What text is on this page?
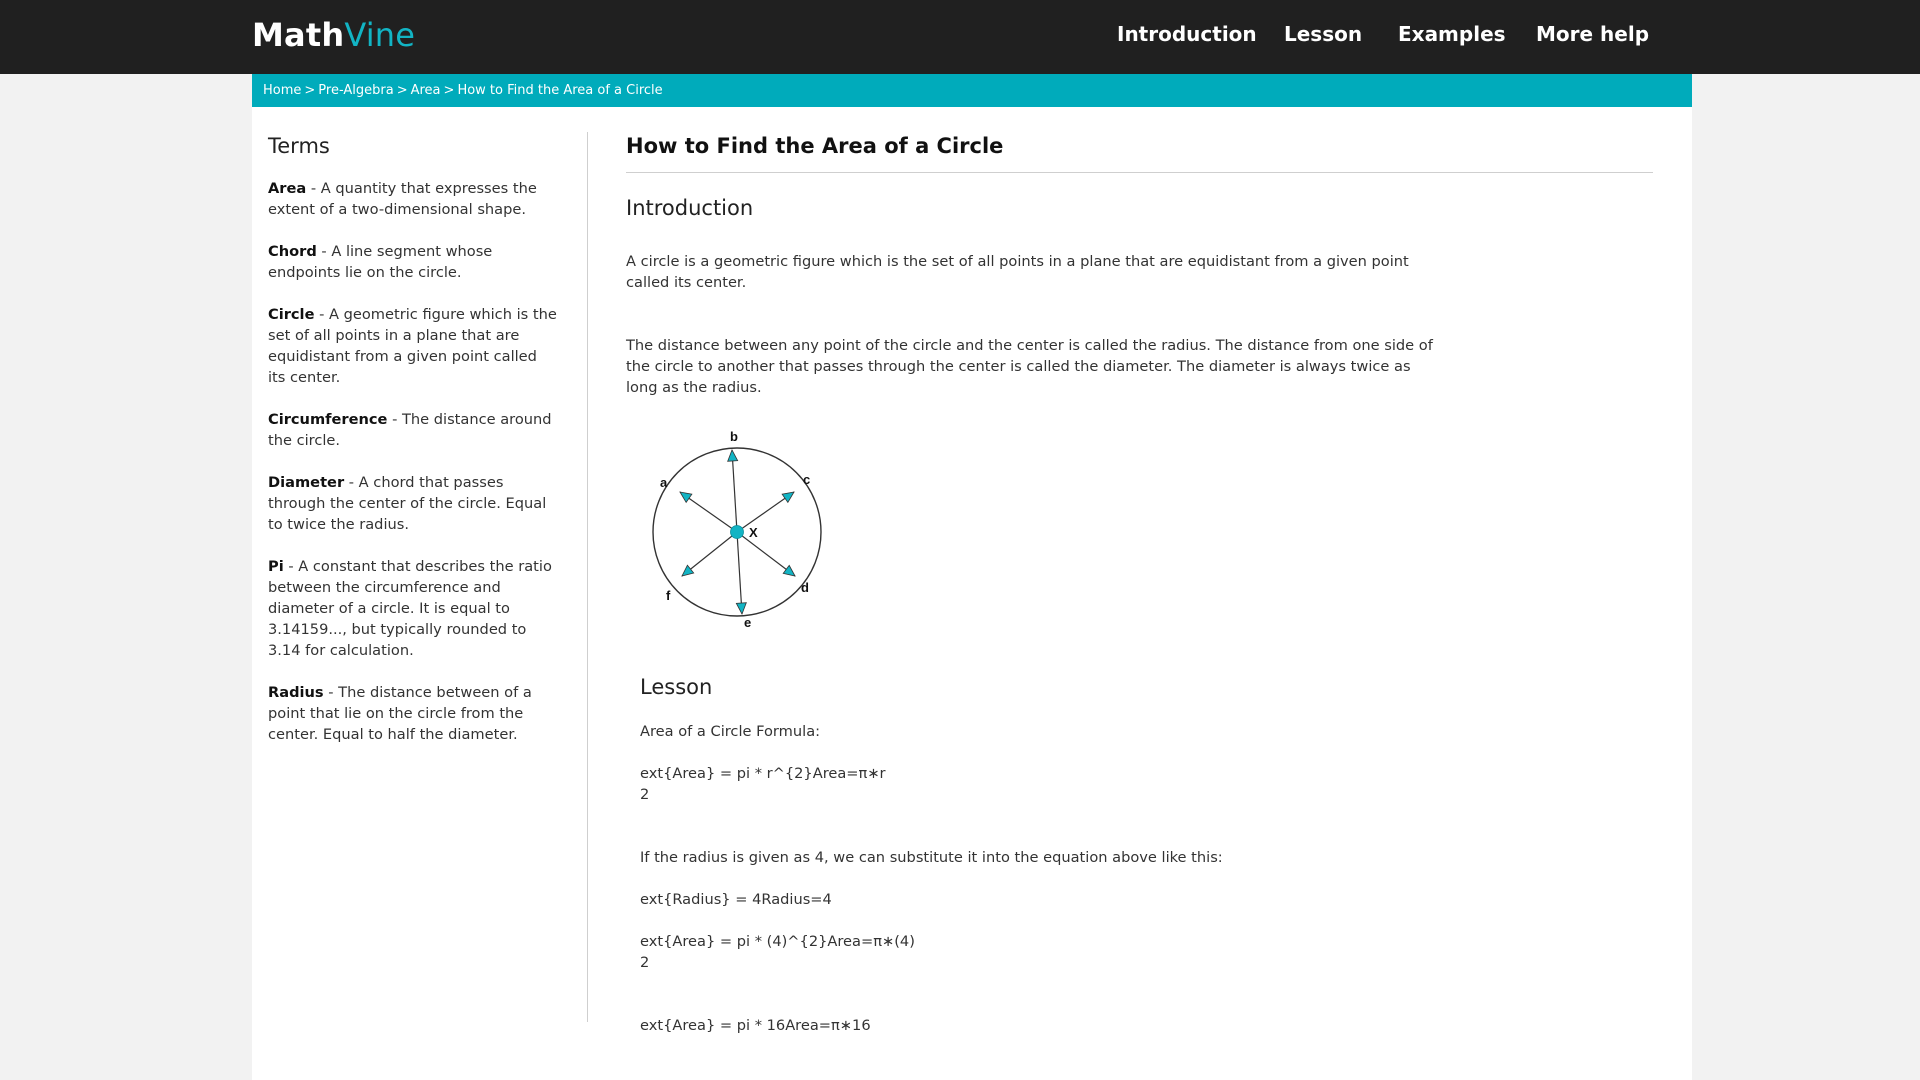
MathVine	Introduction Lesson Examples More help
Home > Pre-Algebra > Area > How to Find the Area of a Circle
Terms

Area - A quantity that expresses the extent of a two-dimensional shape.

Chord - A line segment whose endpoints lie on the circle.

Circle - A geometric figure which is the set of all points in a plane that are equidistant from a given point called its center.

Circumference - The distance around the circle.

Diameter - A chord that passes through the center of the circle. Equal to twice the radius.

Pi - A constant that describes the ratio between the circumference and diameter of a circle. It is equal to 3.14159..., but typically rounded to 3.14 for calculation.

Radius - The distance between of a point that lie on the circle from the center. Equal to half the diameter.

How to Find the Area of a Circle
Introduction

A circle is a geometric figure which is the set of all points in a plane that are equidistant from a given point called its center.

The distance between any point of the circle and the center is called the radius. The distance from one side of the circle to another that passes through the center is called the diameter. The diameter is always twice as long as the radius.

b
a	c
X
d
e
f
Lesson
Area of a Circle Formula:
ext{Area} = pi * r^{2}Area=π∗r
2
If the radius is given as 4, we can substitute it into the equation above like this:
ext{Radius} = 4Radius=4
ext{Area} = pi * (4)^{2}Area=π∗(4)
2
ext{Area} = pi * 16Area=π∗16
